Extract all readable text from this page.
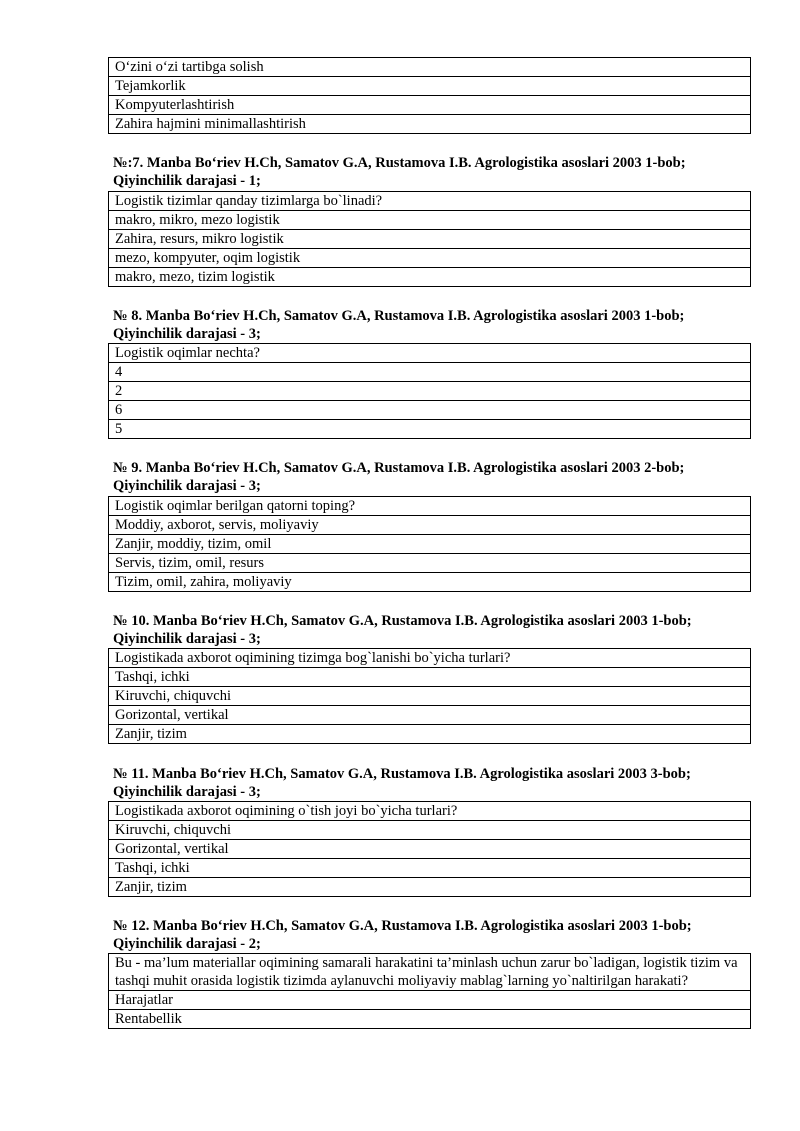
O‘zini o‘zi tartibga solish
Tejamkorlik
Kompyuterlashtirish
Zahira hajmini minimallashtirish
№:7. Manba Bo‘riev H.Ch, Samatov G.A, Rustamova I.B. Agrologistika asoslari 2003 1-bob; Qiyinchilik darajasi - 1;
Logistik tizimlar qanday tizimlarga bo`linadi?
makro, mikro, mezo logistik
Zahira, resurs, mikro logistik
mezo, kompyuter, oqim logistik
makro, mezo, tizim logistik
№ 8. Manba Bo‘riev H.Ch, Samatov G.A, Rustamova I.B. Agrologistika asoslari 2003 1-bob; Qiyinchilik darajasi - 3;
Logistik oqimlar nechta?
4
2
6
5
№ 9. Manba Bo‘riev H.Ch, Samatov G.A, Rustamova I.B. Agrologistika asoslari 2003 2-bob; Qiyinchilik darajasi - 3;
Logistik oqimlar berilgan qatorni toping?
Moddiy, axborot, servis, moliyaviy
Zanjir, moddiy, tizim, omil
Servis, tizim, omil, resurs
Tizim, omil, zahira, moliyaviy
№ 10. Manba Bo‘riev H.Ch, Samatov G.A, Rustamova I.B. Agrologistika asoslari 2003 1-bob; Qiyinchilik darajasi - 3;
Logistikada axborot oqimining tizimga bog`lanishi bo`yicha turlari?
Tashqi, ichki
Kiruvchi, chiquvchi
Gorizontal, vertikal
Zanjir, tizim
№ 11. Manba Bo‘riev H.Ch, Samatov G.A, Rustamova I.B. Agrologistika asoslari 2003 3-bob; Qiyinchilik darajasi - 3;
Logistikada axborot oqimining o`tish joyi bo`yicha turlari?
Kiruvchi, chiquvchi
Gorizontal, vertikal
Tashqi, ichki
Zanjir, tizim
№ 12. Manba Bo‘riev H.Ch, Samatov G.A, Rustamova I.B. Agrologistika asoslari 2003 1-bob; Qiyinchilik darajasi - 2;
Bu - ma’lum materiallar oqimining samarali harakatini ta’minlash uchun zarur bo`ladigan, logistik tizim va tashqi muhit orasida logistik tizimda aylanuvchi moliyaviy mablag`larning yo`naltirilgan harakati?
Harajatlar
Rentabellik
